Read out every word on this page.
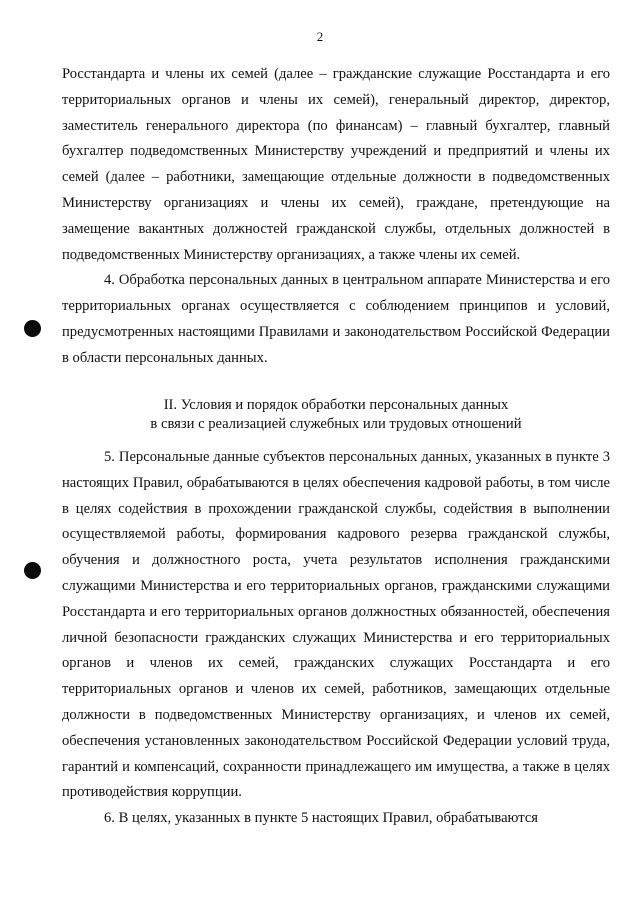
2

Росстандарта и члены их семей (далее – гражданские служащие Росстандарта и его территориальных органов и члены их семей), генеральный директор, директор, заместитель генерального директора (по финансам) – главный бухгалтер, главный бухгалтер подведомственных Министерству учреждений и предприятий и члены их семей (далее – работники, замещающие отдельные должности в подведомственных Министерству организациях и члены их семей), граждане, претендующие на замещение вакантных должностей гражданской службы, отдельных должностей в подведомственных Министерству организациях, а также члены их семей.

4. Обработка персональных данных в центральном аппарате Министерства и его территориальных органах осуществляется с соблюдением принципов и условий, предусмотренных настоящими Правилами и законодательством Российской Федерации в области персональных данных.

II. Условия и порядок обработки персональных данных
в связи с реализацией служебных или трудовых отношений

5. Персональные данные субъектов персональных данных, указанных в пункте 3 настоящих Правил, обрабатываются в целях обеспечения кадровой работы, в том числе в целях содействия в прохождении гражданской службы, содействия в выполнении осуществляемой работы, формирования кадрового резерва гражданской службы, обучения и должностного роста, учета результатов исполнения гражданскими служащими Министерства и его территориальных органов, гражданскими служащими Росстандарта и его территориальных органов должностных обязанностей, обеспечения личной безопасности гражданских служащих Министерства и его территориальных органов и членов их семей, гражданских служащих Росстандарта и его территориальных органов и членов их семей, работников, замещающих отдельные должности в подведомственных Министерству организациях, и членов их семей, обеспечения установленных законодательством Российской Федерации условий труда, гарантий и компенсаций, сохранности принадлежащего им имущества, а также в целях противодействия коррупции.

6. В целях, указанных в пункте 5 настоящих Правил, обрабатываются
